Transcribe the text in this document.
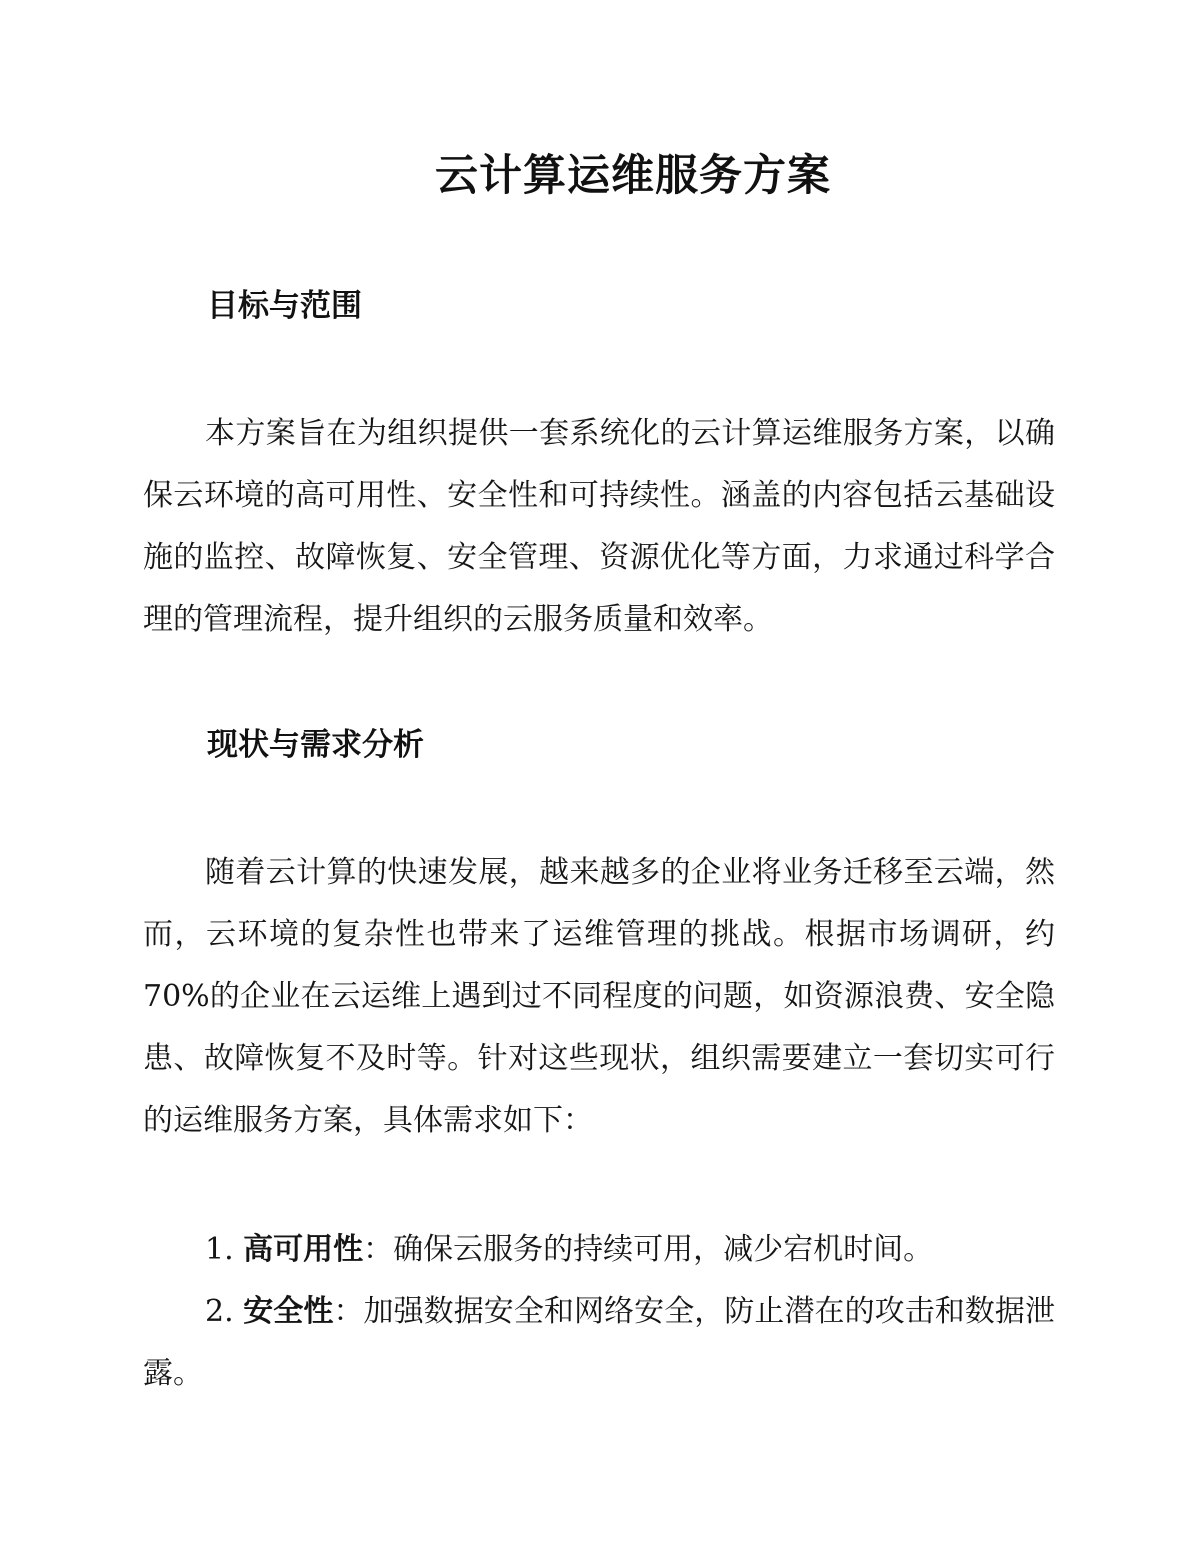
云计算运维服务方案
目标与范围

本方案旨在为组织提供一套系统化的云计算运维服务方案，以确保云环境的高可用性、安全性和可持续性。涵盖的内容包括云基础设施的监控、故障恢复、安全管理、资源优化等方面，力求通过科学合理的管理流程，提升组织的云服务质量和效率。

现状与需求分析

随着云计算的快速发展，越来越多的企业将业务迁移至云端，然而，云环境的复杂性也带来了运维管理的挑战。根据市场调研，约 70%的企业在云运维上遇到过不同程度的问题，如资源浪费、安全隐患、故障恢复不及时等。针对这些现状，组织需要建立一套切实可行的运维服务方案，具体需求如下：

1. 高可用性：确保云服务的持续可用，减少宕机时间。

2. 安全性：加强数据安全和网络安全，防止潜在的攻击和数据泄露。
